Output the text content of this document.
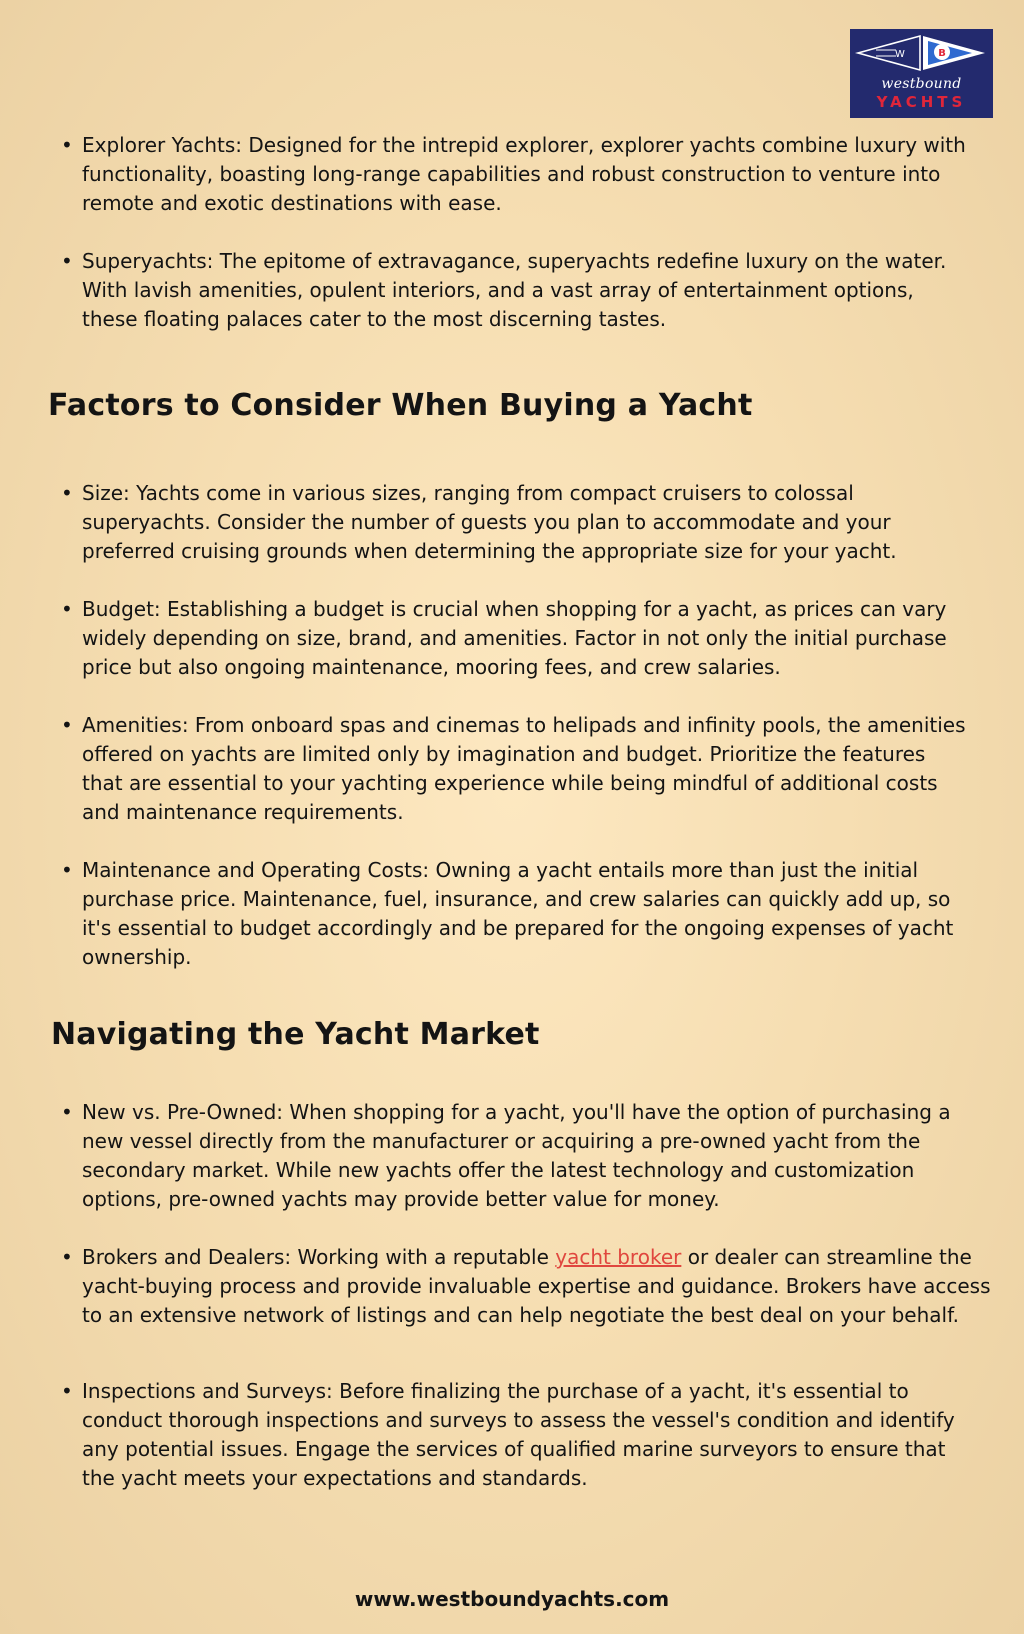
W	B
westbound
YACHTS
• Explorer Yachts: Designed for the intrepid explorer, explorer yachts combine luxury with functionality, boasting long-range capabilities and robust construction to venture into remote and exotic destinations with ease.
• Superyachts: The epitome of extravagance, superyachts redefine luxury on the water. With lavish amenities, opulent interiors, and a vast array of entertainment options, these floating palaces cater to the most discerning tastes.
Factors to Consider When Buying a Yacht
• Size: Yachts come in various sizes, ranging from compact cruisers to colossal superyachts. Consider the number of guests you plan to accommodate and your preferred cruising grounds when determining the appropriate size for your yacht.
• Budget: Establishing a budget is crucial when shopping for a yacht, as prices can vary widely depending on size, brand, and amenities. Factor in not only the initial purchase price but also ongoing maintenance, mooring fees, and crew salaries.
• Amenities: From onboard spas and cinemas to helipads and infinity pools, the amenities offered on yachts are limited only by imagination and budget. Prioritize the features that are essential to your yachting experience while being mindful of additional costs and maintenance requirements.
• Maintenance and Operating Costs: Owning a yacht entails more than just the initial purchase price. Maintenance, fuel, insurance, and crew salaries can quickly add up, so it's essential to budget accordingly and be prepared for the ongoing expenses of yacht ownership.
Navigating the Yacht Market
• New vs. Pre-Owned: When shopping for a yacht, you'll have the option of purchasing a new vessel directly from the manufacturer or acquiring a pre-owned yacht from the secondary market. While new yachts offer the latest technology and customization options, pre-owned yachts may provide better value for money.
• Brokers and Dealers: Working with a reputable yacht broker or dealer can streamline the yacht-buying process and provide invaluable expertise and guidance. Brokers have access to an extensive network of listings and can help negotiate the best deal on your behalf.
• Inspections and Surveys: Before finalizing the purchase of a yacht, it's essential to conduct thorough inspections and surveys to assess the vessel's condition and identify any potential issues. Engage the services of qualified marine surveyors to ensure that the yacht meets your expectations and standards.
www.westboundyachts.com
